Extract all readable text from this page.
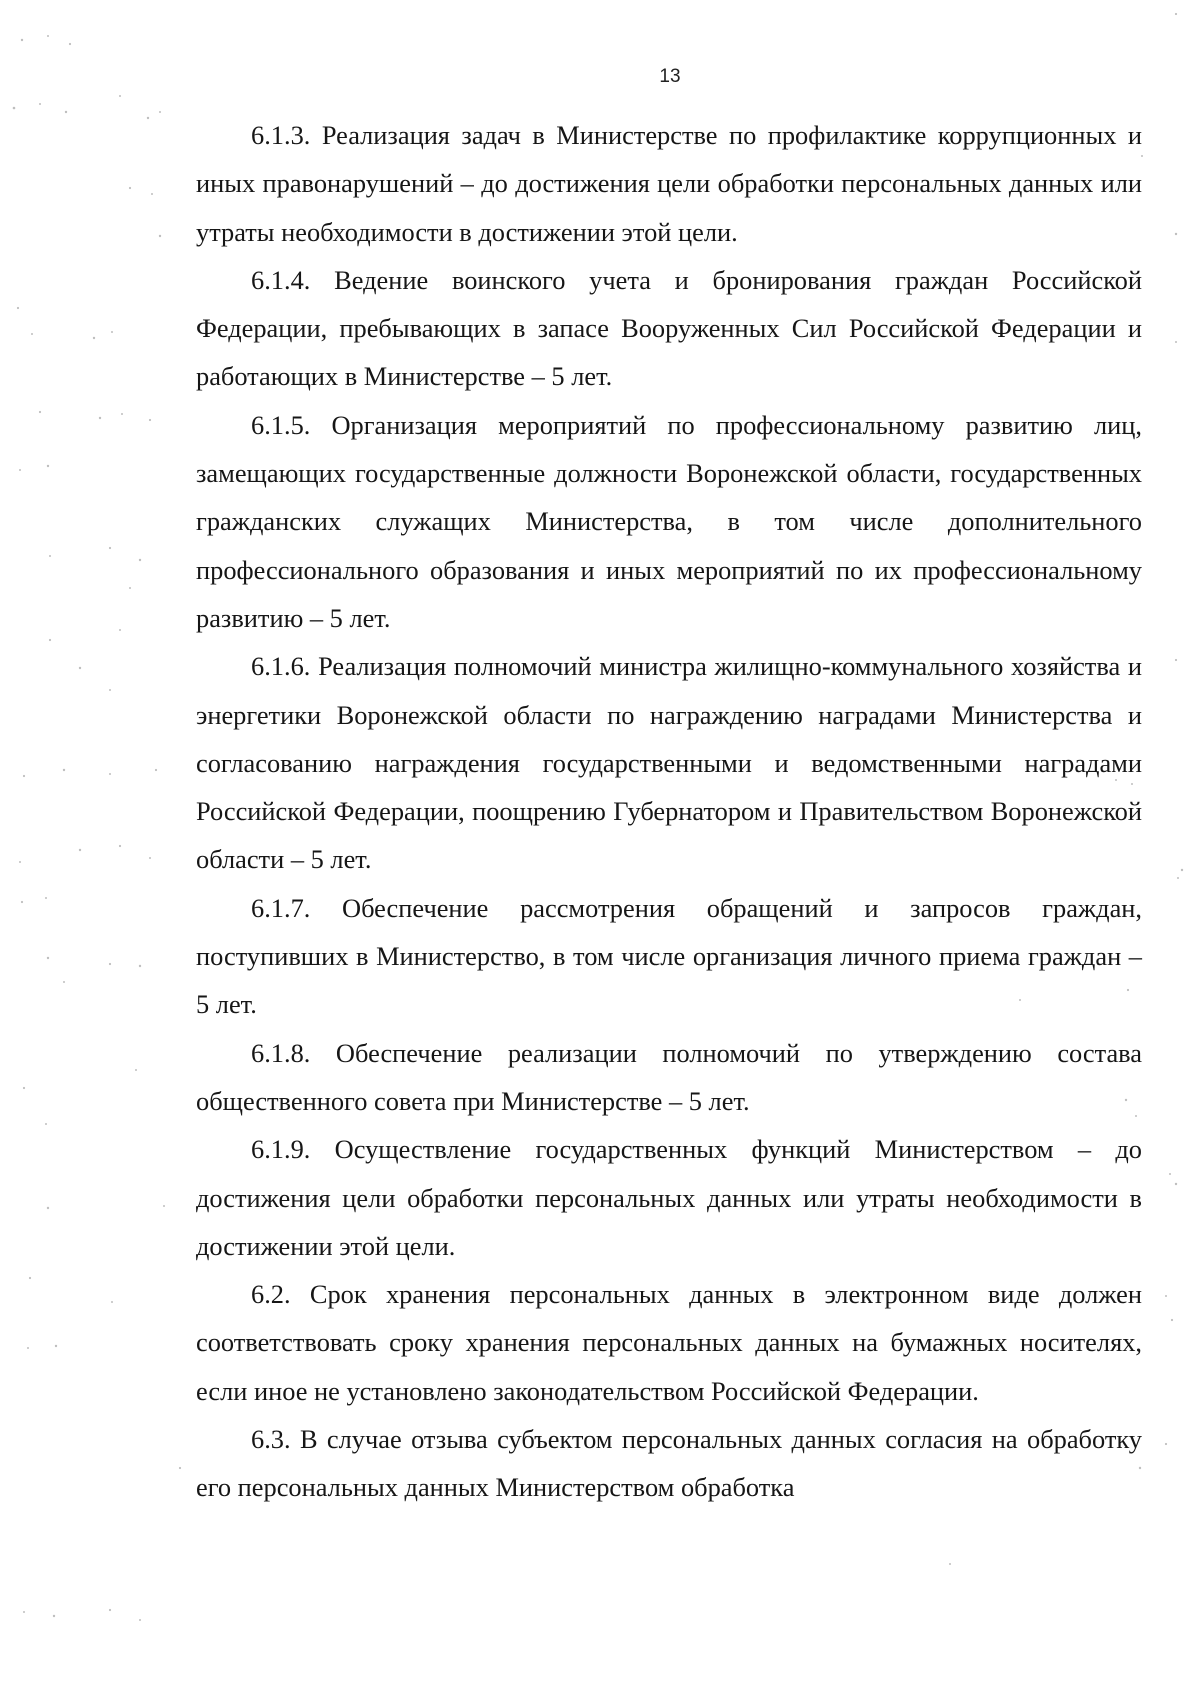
13

6.1.3. Реализация задач в Министерстве по профилактике коррупционных и иных правонарушений – до достижения цели обработки персональных данных или утраты необходимости в достижении этой цели.

6.1.4. Ведение воинского учета и бронирования граждан Российской Федерации, пребывающих в запасе Вооруженных Сил Российской Федерации и работающих в Министерстве – 5 лет.

6.1.5. Организация мероприятий по профессиональному развитию лиц, замещающих государственные должности Воронежской области, государственных гражданских служащих Министерства, в том числе дополнительного профессионального образования и иных мероприятий по их профессиональному развитию – 5 лет.

6.1.6. Реализация полномочий министра жилищно-коммунального хозяйства и энергетики Воронежской области по награждению наградами Министерства и согласованию награждения государственными и ведомственными наградами Российской Федерации, поощрению Губернатором и Правительством Воронежской области – 5 лет.

6.1.7. Обеспечение рассмотрения обращений и запросов граждан, поступивших в Министерство, в том числе организация личного приема граждан – 5 лет.

6.1.8. Обеспечение реализации полномочий по утверждению состава общественного совета при Министерстве – 5 лет.

6.1.9. Осуществление государственных функций Министерством – до достижения цели обработки персональных данных или утраты необходимости в достижении этой цели.

6.2. Срок хранения персональных данных в электронном виде должен соответствовать сроку хранения персональных данных на бумажных носителях, если иное не установлено законодательством Российской Федерации.

6.3. В случае отзыва субъектом персональных данных согласия на обработку его персональных данных Министерством обработка
